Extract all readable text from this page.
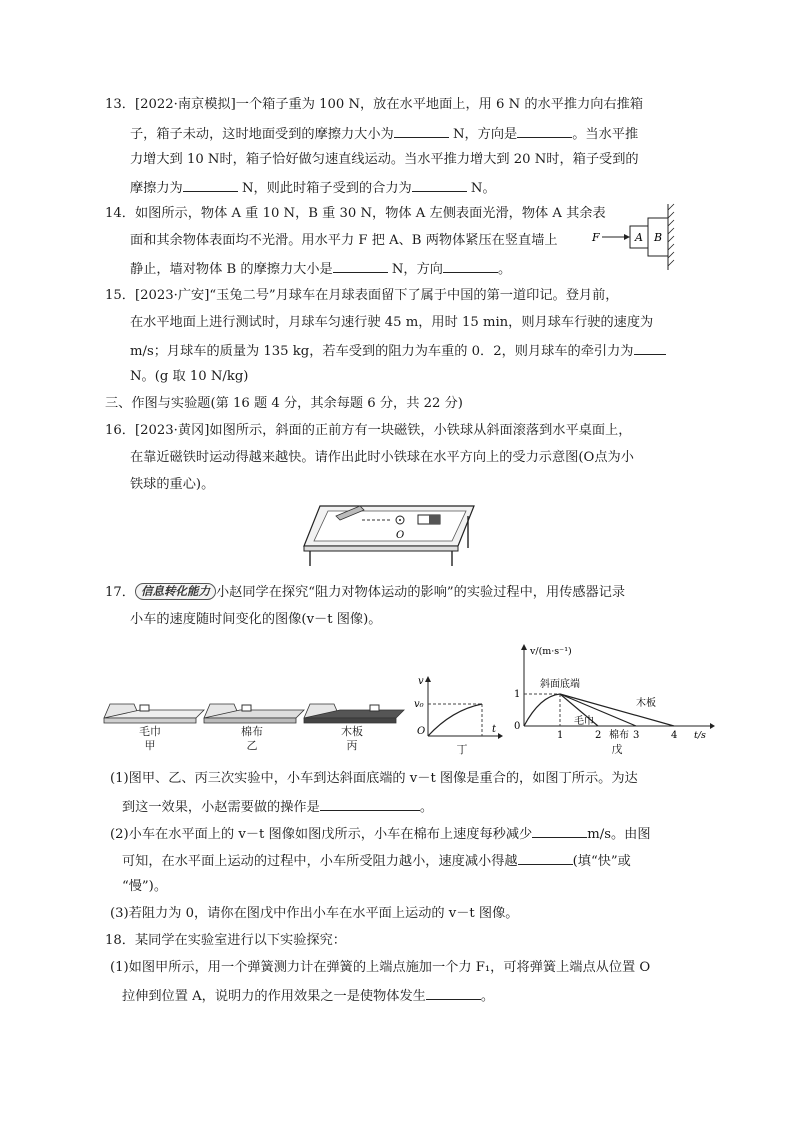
13．[2022·南京模拟]一个箱子重为 100 N，放在水平地面上，用 6 N 的水平推力向右推箱
子，箱子未动，这时地面受到的摩擦力大小为	N，方向是	。当水平推
力增大到 10 N时，箱子恰好做匀速直线运动。当水平推力增大到 20 N时，箱子受到的
摩擦力为	N，则此时箱子受到的合力为	N。
14．如图所示，物体 A 重 10 N，B 重 30 N，物体 A 左侧表面光滑，物体 A 其余表
面和其余物体表面均不光滑。用水平力 F 把 A、B 两物体紧压在竖直墙上
静止，墙对物体 B 的摩擦力大小是	N，方向	。
F	A B
15．[2023·广安]“玉兔二号”月球车在月球表面留下了属于中国的第一道印记。登月前，
在水平地面上进行测试时，月球车匀速行驶 45 m，用时 15 min，则月球车行驶的速度为
m/s；月球车的质量为 135 kg，若车受到的阻力为车重的 0．2，则月球车的牵引力为
N。(g 取 10 N/kg)
三、作图与实验题(第 16 题 4 分，其余每题 6 分，共 22 分)
16．[2023·黄冈]如图所示，斜面的正前方有一块磁铁，小铁球从斜面滚落到水平桌面上，
在靠近磁铁时运动得越来越快。请作出此时小铁球在水平方向上的受力示意图(O点为小
铁球的重心)。
O
17． 信息转化能力 小赵同学在探究“阻力对物体运动的影响”的实验过程中，用传感器记录
小车的速度随时间变化的图像(v－t 图像)。
毛巾
甲
棉布
乙
木板
丙
v
v₀
O	t
丁
v/(m·s⁻¹)
1
0
1	2	3	4 t/s
斜面底端
毛巾
棉布
木板
戊
(1)图甲、乙、丙三次实验中，小车到达斜面底端的 v－t 图像是重合的，如图丁所示。为达
到这一效果，小赵需要做的操作是	。
(2)小车在水平面上的 v－t 图像如图戊所示，小车在棉布上速度每秒减少	m/s。由图
可知，在水平面上运动的过程中，小车所受阻力越小，速度减小得越	(填“快”或
“慢”)。
(3)若阻力为 0，请你在图戊中作出小车在水平面上运动的 v－t 图像。
18．某同学在实验室进行以下实验探究：
(1)如图甲所示，用一个弹簧测力计在弹簧的上端点施加一个力 F₁，可将弹簧上端点从位置 O
拉伸到位置 A，说明力的作用效果之一是使物体发生	。
